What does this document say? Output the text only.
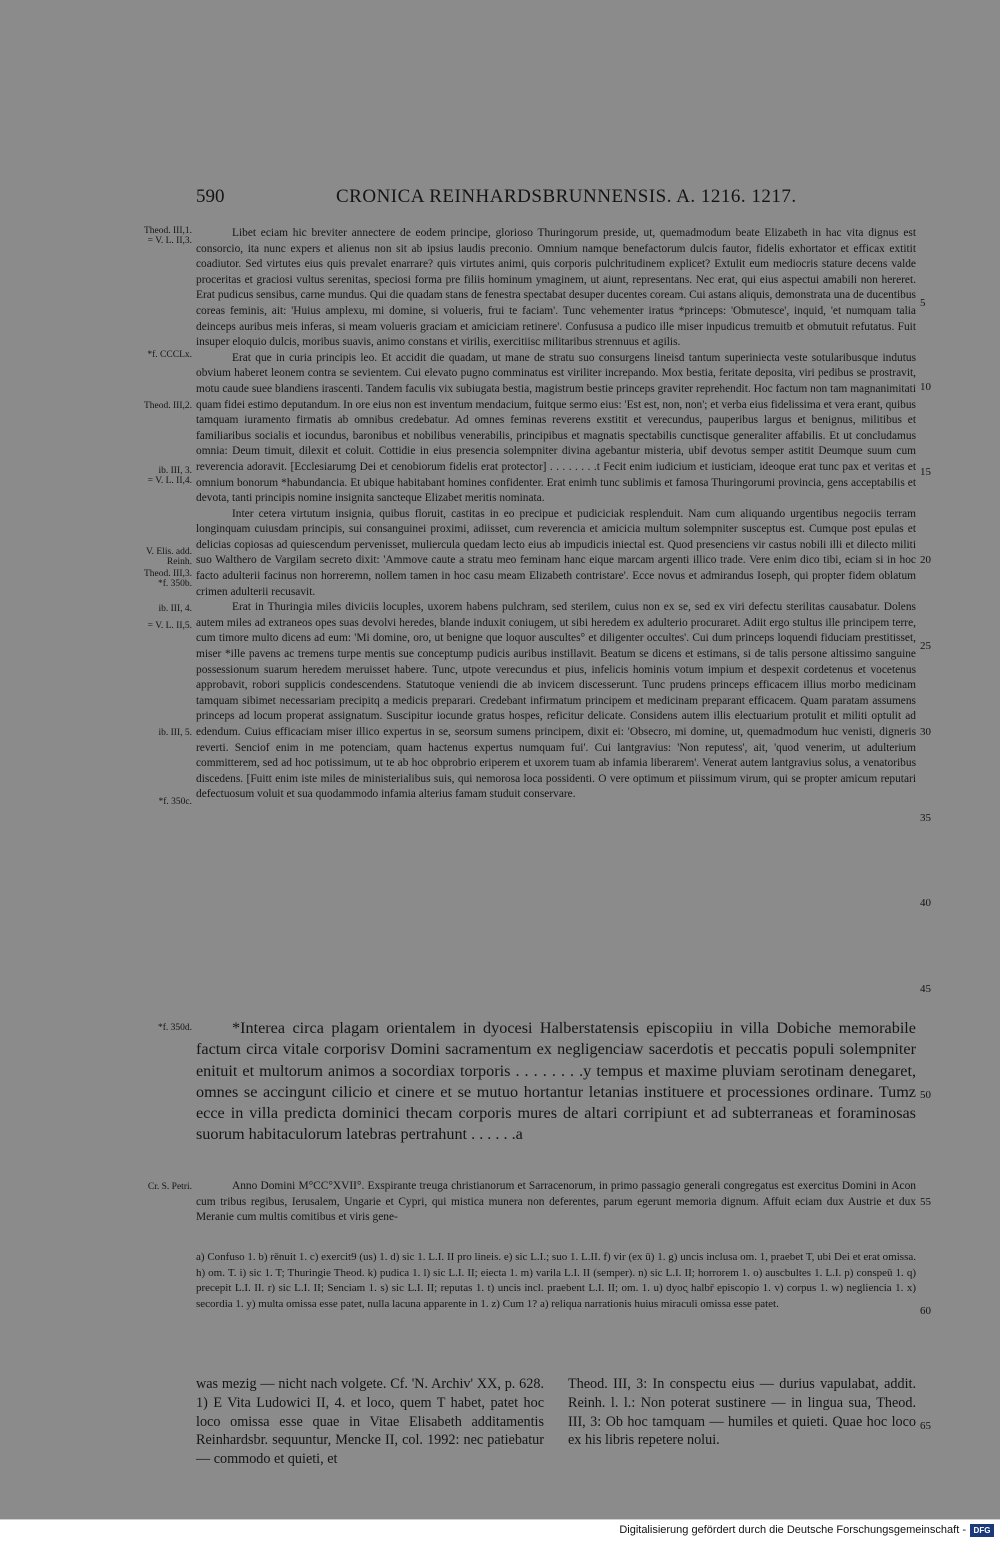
590	CRONICA REINHARDSBRUNNENSIS. A. 1216. 1217.
Theod. III,1.
= V. L. II,3.
*f. CCCLx.
Theod. III,2.
ib. III, 3.
= V. L. II,4.
V. Elis. add.
Reinh.
Theod. III,3.
*f. 350b.
ib. III, 4.
= V. L. II,5.
ib. III, 5.
*f. 350c.
*f. 350d.
Cr. S. Petri.
5
10
15
20
25
30
35
40
45
50
55
60
65

Libet eciam hic breviter annectere de eodem principe, glorioso Thuringorum preside, ut, quemadmodum beate Elizabeth in hac vita dignus est consorcio, ita nunc expers et alienus non sit ab ipsius laudis preconio. Omnium namque benefactorum dulcis fautor, fidelis exhortator et efficax extitit coadiutor. Sed virtutes eius quis prevalet enarrare? quis virtutes animi, quis corporis pulchritudinem explicet? Extulit eum mediocris stature decens valde proceritas et graciosi vultus serenitas, speciosi forma pre filiis hominum ymaginem, ut aiunt, representans. Nec erat, qui eius aspectui amabili non hereret. Erat pudicus sensibus, carne mundus. Qui die quadam stans de fenestra spectabat desuper ducentes coream. Cui astans aliquis, demonstrata una de ducentibus coreas feminis, ait: 'Huius amplexu, mi domine, si volueris, frui te faciam'. Tunc vehementer iratus *princeps: 'Obmutesce', inquid, 'et numquam talia deinceps auribus meis inferas, si meam volueris graciam et amiciciam retinere'. Confususa a pudico ille miser inpudicus tremuitb et obmutuit refutatus. Fuit insuper eloquio dulcis, moribus suavis, animo constans et virilis, exercitiisc militaribus strennuus et agilis.

Erat que in curia principis leo. Et accidit die quadam, ut mane de stratu suo consurgens lineisd tantum superiniecta veste sotularibusque indutus obvium haberet leonem contra se sevientem. Cui elevato pugno comminatus est viriliter increpando. Mox bestia, feritate deposita, viri pedibus se prostravit, motu caude suee blandiens irascenti. Tandem faculis vix subiugata bestia, magistrum bestie princeps graviter reprehendit. Hoc factum non tam magnanimitati quam fidei estimo deputandum. In ore eius non est inventum mendacium, fuitque sermo eius: 'Est est, non, non'; et verba eius fidelissima et vera erant, quibus tamquam iuramento firmatis ab omnibus credebatur. Ad omnes feminas reverens exstitit et verecundus, pauperibus largus et benignus, militibus et familiaribus socialis et iocundus, baronibus et nobilibus venerabilis, principibus et magnatis spectabilis cunctisque generaliter affabilis. Et ut concludamus omnia: Deum timuit, dilexit et coluit. Cottidie in eius presencia solempniter divina agebantur misteria, ubif devotus semper astitit Deumque suum cum reverencia adoravit. [Ecclesiarumg Dei et cenobiorum fidelis erat protector] . . . . . . . .t Fecit enim iudicium et iusticiam, ideoque erat tunc pax et veritas et omnium bonorum *habundancia. Et ubique habitabant homines confidenter. Erat enimh tunc sublimis et famosa Thuringorumi provincia, gens acceptabilis et devota, tanti principis nomine insignita sancteque Elizabet meritis nominata.

Inter cetera virtutum insignia, quibus floruit, castitas in eo precipue et pudiciciak resplenduit. Nam cum aliquando urgentibus negociis terram longinquam cuiusdam principis, sui consanguinei proximi, adiisset, cum reverencia et amicicia multum solempniter susceptus est. Cumque post epulas et delicias copiosas ad quiescendum pervenisset, muliercula quedam lecto eius ab impudicis iniectal est. Quod presenciens vir castus nobili illi et dilecto militi suo Walthero de Vargilam secreto dixit: 'Ammove caute a stratu meo feminam hanc eique marcam argenti illico trade. Vere enim dico tibi, eciam si in hoc facto adulterii facinus non horreremn, nollem tamen in hoc casu meam Elizabeth contristare'. Ecce novus et admirandus Ioseph, qui propter fidem oblatum crimen adulterii recusavit.

Erat in Thuringia miles diviciis locuples, uxorem habens pulchram, sed sterilem, cuius non ex se, sed ex viri defectu sterilitas causabatur. Dolens autem miles ad extraneos opes suas devolvi heredes, blande induxit coniugem, ut sibi heredem ex adulterio procuraret. Adiit ergo stultus ille principem terre, cum timore multo dicens ad eum: 'Mi domine, oro, ut benigne que loquor auscultes° et diligenter occultes'. Cui dum princeps loquendi fiduciam prestitisset, miser *ille pavens ac tremens turpe mentis sue conceptump pudicis auribus instillavit. Beatum se dicens et estimans, si de talis persone altissimo sanguine possessionum suarum heredem meruisset habere. Tunc, utpote verecundus et pius, infelicis hominis votum impium et despexit cordetenus et vocetenus approbavit, robori supplicis condescendens. Statutoque veniendi die ab invicem discesserunt. Tunc prudens princeps efficacem illius morbo medicinam tamquam sibimet necessariam precipitq a medicis preparari. Credebant infirmatum principem et medicinam preparant efficacem. Quam paratam assumens princeps ad locum properat assignatum. Suscipitur iocunde gratus hospes, reficitur delicate. Considens autem illis electuarium protulit et militi optulit ad edendum. Cuius efficaciam miser illico expertus in se, seorsum sumens principem, dixit ei: 'Obsecro, mi domine, ut, quemadmodum huc venisti, digneris reverti. Senciof enim in me potenciam, quam hactenus expertus numquam fui'. Cui lantgravius: 'Non reputess', ait, 'quod venerim, ut adulterium committerem, sed ad hoc potissimum, ut te ab hoc obprobrio eriperem et uxorem tuam ab infamia liberarem'. Venerat autem lantgravius solus, a venatoribus discedens. [Fuitt enim iste miles de ministerialibus suis, qui nemorosa loca possidenti. O vere optimum et piissimum virum, qui se propter amicum reputari defectuosum voluit et sua quodammodo infamia alterius famam studuit conservare.

*Interea circa plagam orientalem in dyocesi Halberstatensis episcopiiu in villa Dobiche memorabile factum circa vitale corporisv Domini sacramentum ex negligenciaw sacerdotis et peccatis populi solempniter enituit et multorum animos a socordiax torporis . . . . . . . .y tempus et maxime pluviam serotinam denegaret, omnes se accingunt cilicio et cinere et se mutuo hortantur letanias instituere et processiones ordinare. Tumz ecce in villa predicta dominici thecam corporis mures de altari corripiunt et ad subterraneas et foraminosas suorum habitaculorum latebras pertrahunt . . . . . .a

Anno Domini M°CC°XVII°. Exspirante treuga christianorum et Sarracenorum, in primo passagio generali congregatus est exercitus Domini in Acon cum tribus regibus, Ierusalem, Ungarie et Cypri, qui mistica munera non deferentes, parum egerunt memoria dignum. Affuit eciam dux Austrie et dux Meranie cum multis comitibus et viris gene-

a) Confuso 1. b) rēnuit 1. c) exercit9 (us) 1. d) sic 1. L.I. II pro lineis. e) sic L.I.; suo 1. L.II. f) vir (ex ū) 1. g) uncis inclusa om. 1, praebet T, ubi Dei et erat omissa. h) om. T. i) sic 1. T; Thuringie Theod. k) pudica 1. l) sic L.I. II; eiecta 1. m) varila L.I. II (semper). n) sic L.I. II; horrorem 1. o) auscbultes 1. L.I. p) conspeū 1. q) precepit L.I. II. r) sic L.I. II; Senciam 1. s) sic L.I. II; reputas 1. t) uncis incl. praebent L.I. II; om. 1. u) dyoc̨ halbr̄ episcopio 1. v) corpus 1. w) negliencia 1. x) secordia 1. y) multa omissa esse patet, nulla lacuna apparente in 1. z) Cum 1? a) reliqua narrationis huius miraculi omissa esse patet.

was mezig — nicht nach volgete. Cf. 'N. Archiv' XX, p. 628. 1) E Vita Ludowici II, 4. et loco, quem T habet, patet hoc loco omissa esse quae in Vitae Elisabeth additamentis Reinhardsbr. sequuntur, Mencke II, col. 1992: nec patiebatur — commodo et quieti, et

Theod. III, 3: In conspectu eius — durius vapulabat, addit. Reinh. l. l.: Non poterat sustinere — in lingua sua, Theod. III, 3: Ob hoc tamquam — humiles et quieti. Quae hoc loco ex his libris repetere nolui.

Digitalisierung gefördert durch die Deutsche Forschungsgemeinschaft - DFG
